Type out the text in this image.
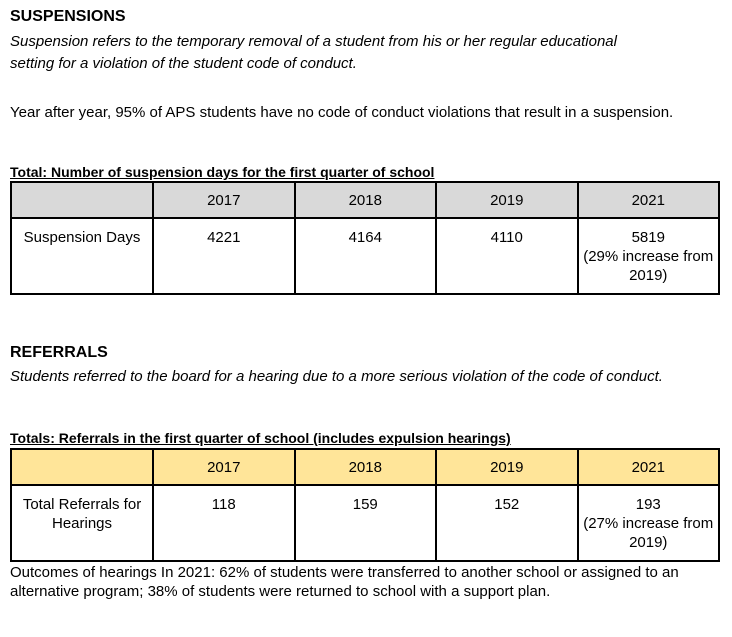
SUSPENSIONS
Suspension refers to the temporary removal of a student from his or her regular educational
setting for a violation of the student code of conduct.

Year after year, 95% of APS students have no code of conduct violations that result in a suspension.

Total: Number of suspension days for the first quarter of school
	2017	2018	2019	2021
Suspension Days	4221	4164	4110	5819
(29% increase from 2019)
REFERRALS

Students referred to the board for a hearing due to a more serious violation of the code of conduct.

Totals: Referrals in the first quarter of school (includes expulsion hearings)
	2017	2018	2019	2021
Total Referrals for Hearings	118	159	152	193
(27% increase from 2019)

Outcomes of hearings In 2021: 62% of students were transferred to another school or assigned to an alternative program; 38% of students were returned to school with a support plan.
